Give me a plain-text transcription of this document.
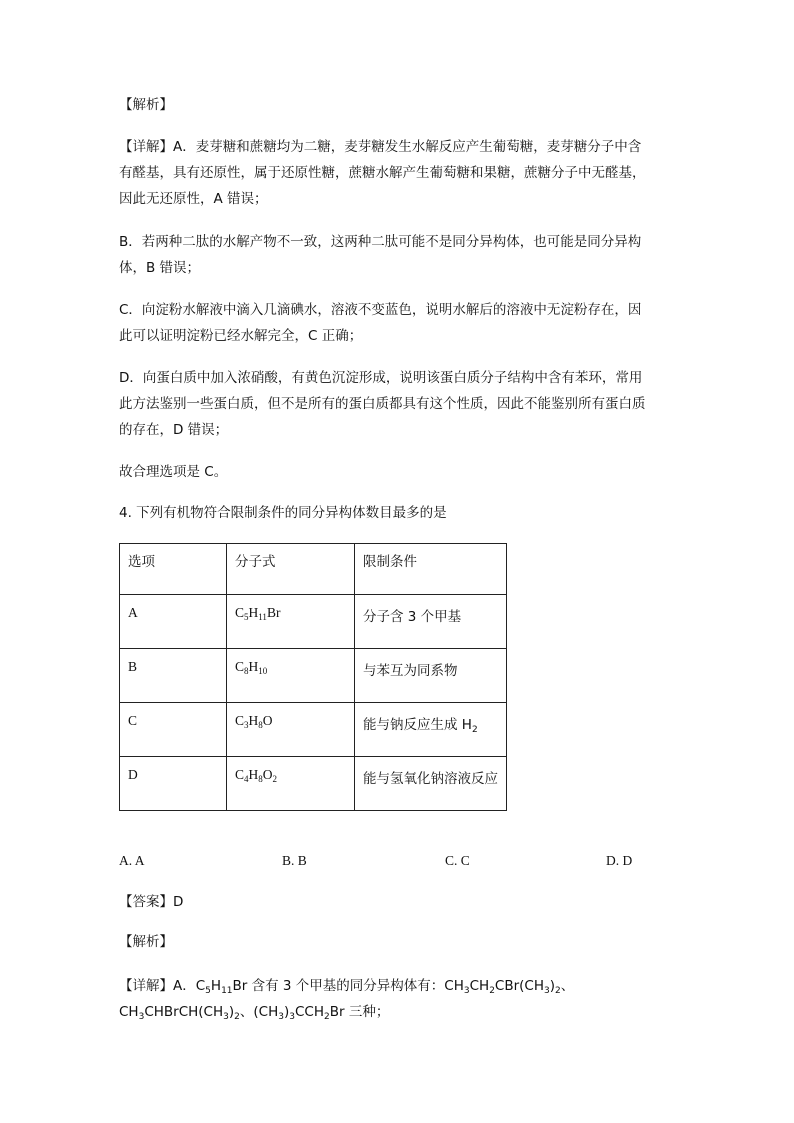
【解析】
【详解】A．麦芽糖和蔗糖均为二糖，麦芽糖发生水解反应产生葡萄糖，麦芽糖分子中含
有醛基，具有还原性，属于还原性糖，蔗糖水解产生葡萄糖和果糖，蔗糖分子中无醛基，
因此无还原性，A 错误；
B．若两种二肽的水解产物不一致，这两种二肽可能不是同分异构体，也可能是同分异构
体，B 错误；
C．向淀粉水解液中滴入几滴碘水，溶液不变蓝色，说明水解后的溶液中无淀粉存在，因
此可以证明淀粉已经水解完全，C 正确；
D．向蛋白质中加入浓硝酸，有黄色沉淀形成，说明该蛋白质分子结构中含有苯环，常用
此方法鉴别一些蛋白质，但不是所有的蛋白质都具有这个性质，因此不能鉴别所有蛋白质
的存在，D 错误；
故合理选项是 C。
4. 下列有机物符合限制条件的同分异构体数目最多的是
选项	分子式	限制条件
A	$C_5H_{11}Br$	分子含 3 个甲基
B	$C_8H_{10}$	与苯互为同系物
C	$C_3H_8O$	能与钠反应生成 $H_2$
D	$C_4H_8O_2$	能与氢氧化钠溶液反应
A. A	B. B	C. C	D. D
【答案】D
【解析】
【详解】A．$C_5H_{11}Br$ 含有 3 个甲基的同分异构体有：$CH_3CH_2CBr(CH_3)_2$、
$CH_3CHBrCH(CH_3)_2$、$(CH_3)_3CCH_2Br$ 三种；
